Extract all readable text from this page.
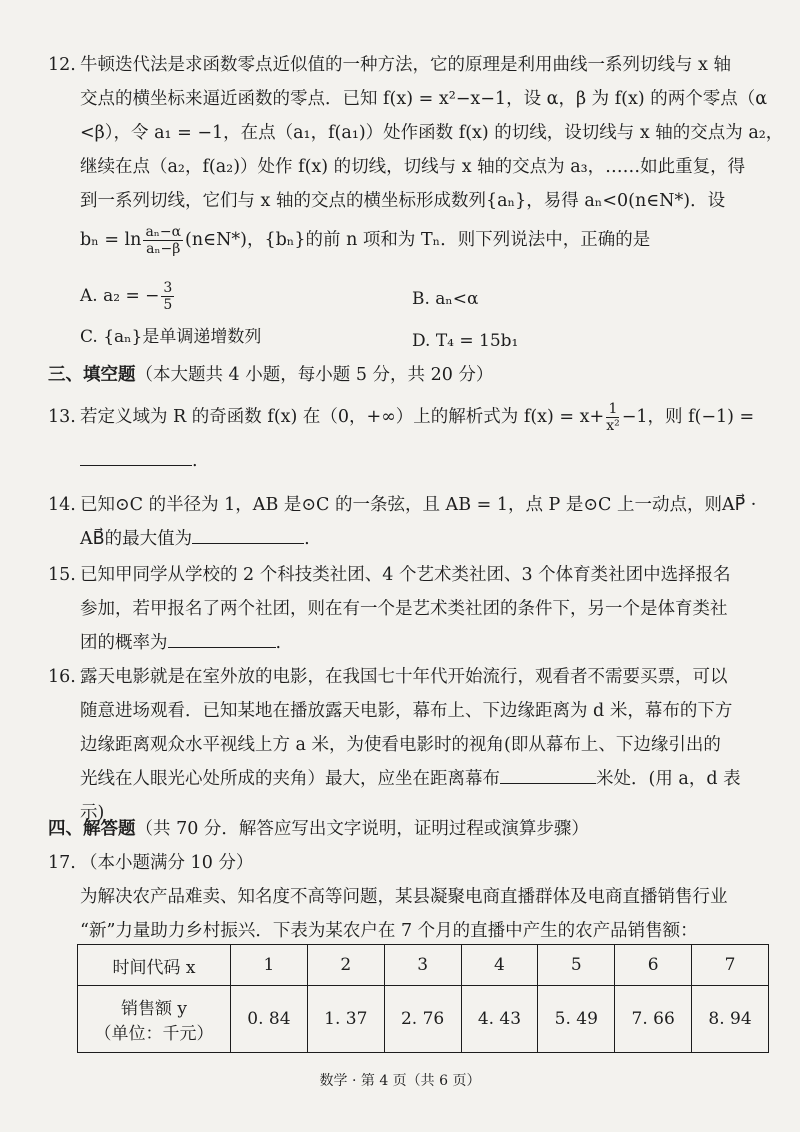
12. 牛顿迭代法是求函数零点近似值的一种方法，它的原理是利用曲线一系列切线与 x 轴
交点的横坐标来逼近函数的零点．已知 f(x) = x²−x−1，设 α，β 为 f(x) 的两个零点（α
<β），令 a₁ = −1，在点（a₁，f(a₁)）处作函数 f(x) 的切线，设切线与 x 轴的交点为 a₂，
继续在点（a₂，f(a₂)）处作 f(x) 的切线，切线与 x 轴的交点为 a₃，……如此重复，得
到一系列切线，它们与 x 轴的交点的横坐标形成数列{aₙ}，易得 aₙ<0(n∈N*)．设
$b_n = \ln \frac{\text{aₙ−α}}{\text{aₙ−β}}$ (n∈N*)，{bₙ}的前 n 项和为 Tₙ．则下列说法中，正确的是
A. a₂ = − $\frac{3}{5}$	B. aₙ<α
C. {aₙ}是单调递增数列	D. T₄ = 15b₁
三、填空题（本大题共 4 小题，每小题 5 分，共 20 分）
13. 若定义域为 R 的奇函数 f(x) 在（0，+∞）上的解析式为 $f(x) = x+ \frac{1}{\text{x²}} -1$，则 f(−1) =
.
14. 已知⊙C 的半径为 1，AB 是⊙C 的一条弦，且 AB = 1，点 P 是⊙C 上一动点，则AP⃗ ·
AB⃗的最大值为	.
15. 已知甲同学从学校的 2 个科技类社团、4 个艺术类社团、3 个体育类社团中选择报名
参加，若甲报名了两个社团，则在有一个是艺术类社团的条件下，另一个是体育类社
团的概率为	.
16. 露天电影就是在室外放的电影，在我国七十年代开始流行，观看者不需要买票，可以
随意进场观看．已知某地在播放露天电影，幕布上、下边缘距离为 d 米，幕布的下方
边缘距离观众水平视线上方 a 米，为使看电影时的视角(即从幕布上、下边缘引出的
光线在人眼光心处所成的夹角）最大，应坐在距离幕布	米处．(用 a，d 表
示)
四、解答题（共 70 分．解答应写出文字说明，证明过程或演算步骤）
17. （本小题满分 10 分）
为解决农产品难卖、知名度不高等问题，某县凝聚电商直播群体及电商直播销售行业
“新”力量助力乡村振兴．下表为某农户在 7 个月的直播中产生的农产品销售额：
时间代码 x	1	2	3	4	5	6	7

销售额 y
（单位：千元）	0. 84	1. 37	2. 76	4. 43	5. 49	7. 66	8. 94
数学 · 第 4 页（共 6 页）
